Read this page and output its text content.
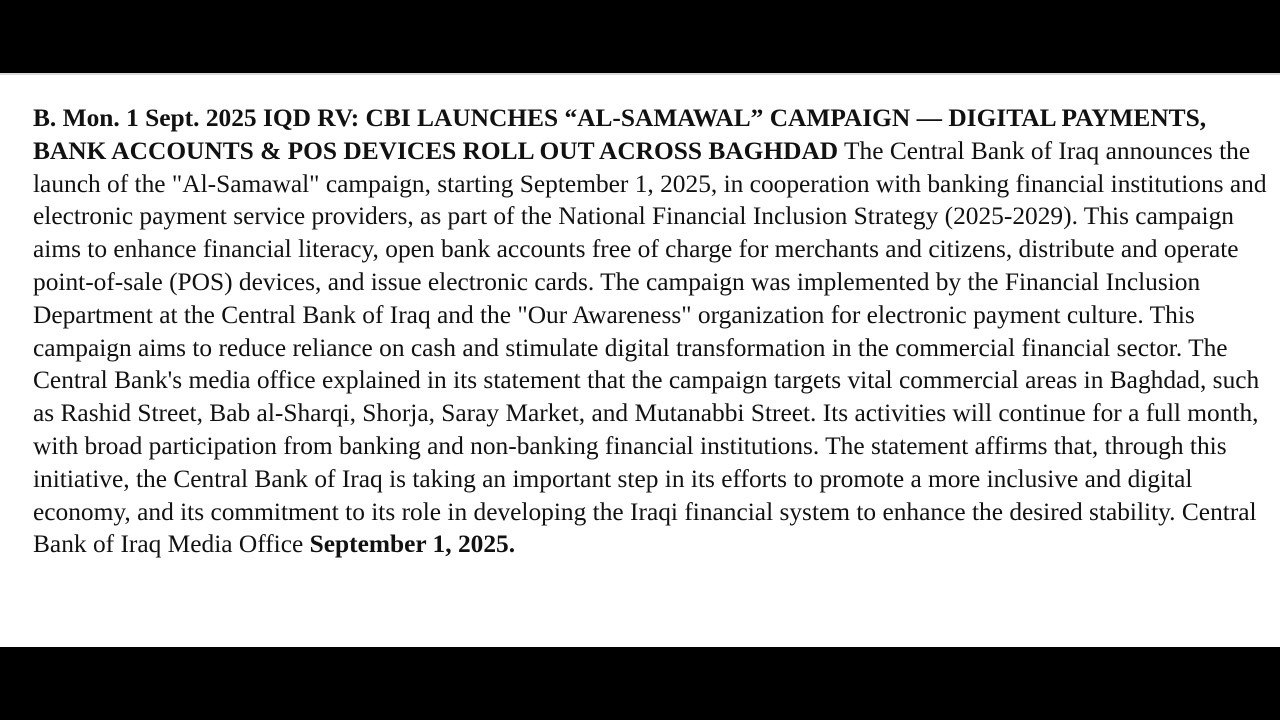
B. Mon. 1 Sept. 2025 IQD RV: CBI LAUNCHES “AL-SAMAWAL” CAMPAIGN — DIGITAL PAYMENTS, BANK ACCOUNTS & POS DEVICES ROLL OUT ACROSS BAGHDAD The Central Bank of Iraq announces the launch of the "Al-Samawal" campaign, starting September 1, 2025, in cooperation with banking financial institutions and electronic payment service providers, as part of the National Financial Inclusion Strategy (2025-2029). This campaign aims to enhance financial literacy, open bank accounts free of charge for merchants and citizens, distribute and operate point-of-sale (POS) devices, and issue electronic cards. The campaign was implemented by the Financial Inclusion Department at the Central Bank of Iraq and the "Our Awareness" organization for electronic payment culture. This campaign aims to reduce reliance on cash and stimulate digital transformation in the commercial financial sector. The Central Bank's media office explained in its statement that the campaign targets vital commercial areas in Baghdad, such as Rashid Street, Bab al-Sharqi, Shorja, Saray Market, and Mutanabbi Street. Its activities will continue for a full month, with broad participation from banking and non-banking financial institutions. The statement affirms that, through this initiative, the Central Bank of Iraq is taking an important step in its efforts to promote a more inclusive and digital economy, and its commitment to its role in developing the Iraqi financial system to enhance the desired stability. Central Bank of Iraq Media Office September 1, 2025.
